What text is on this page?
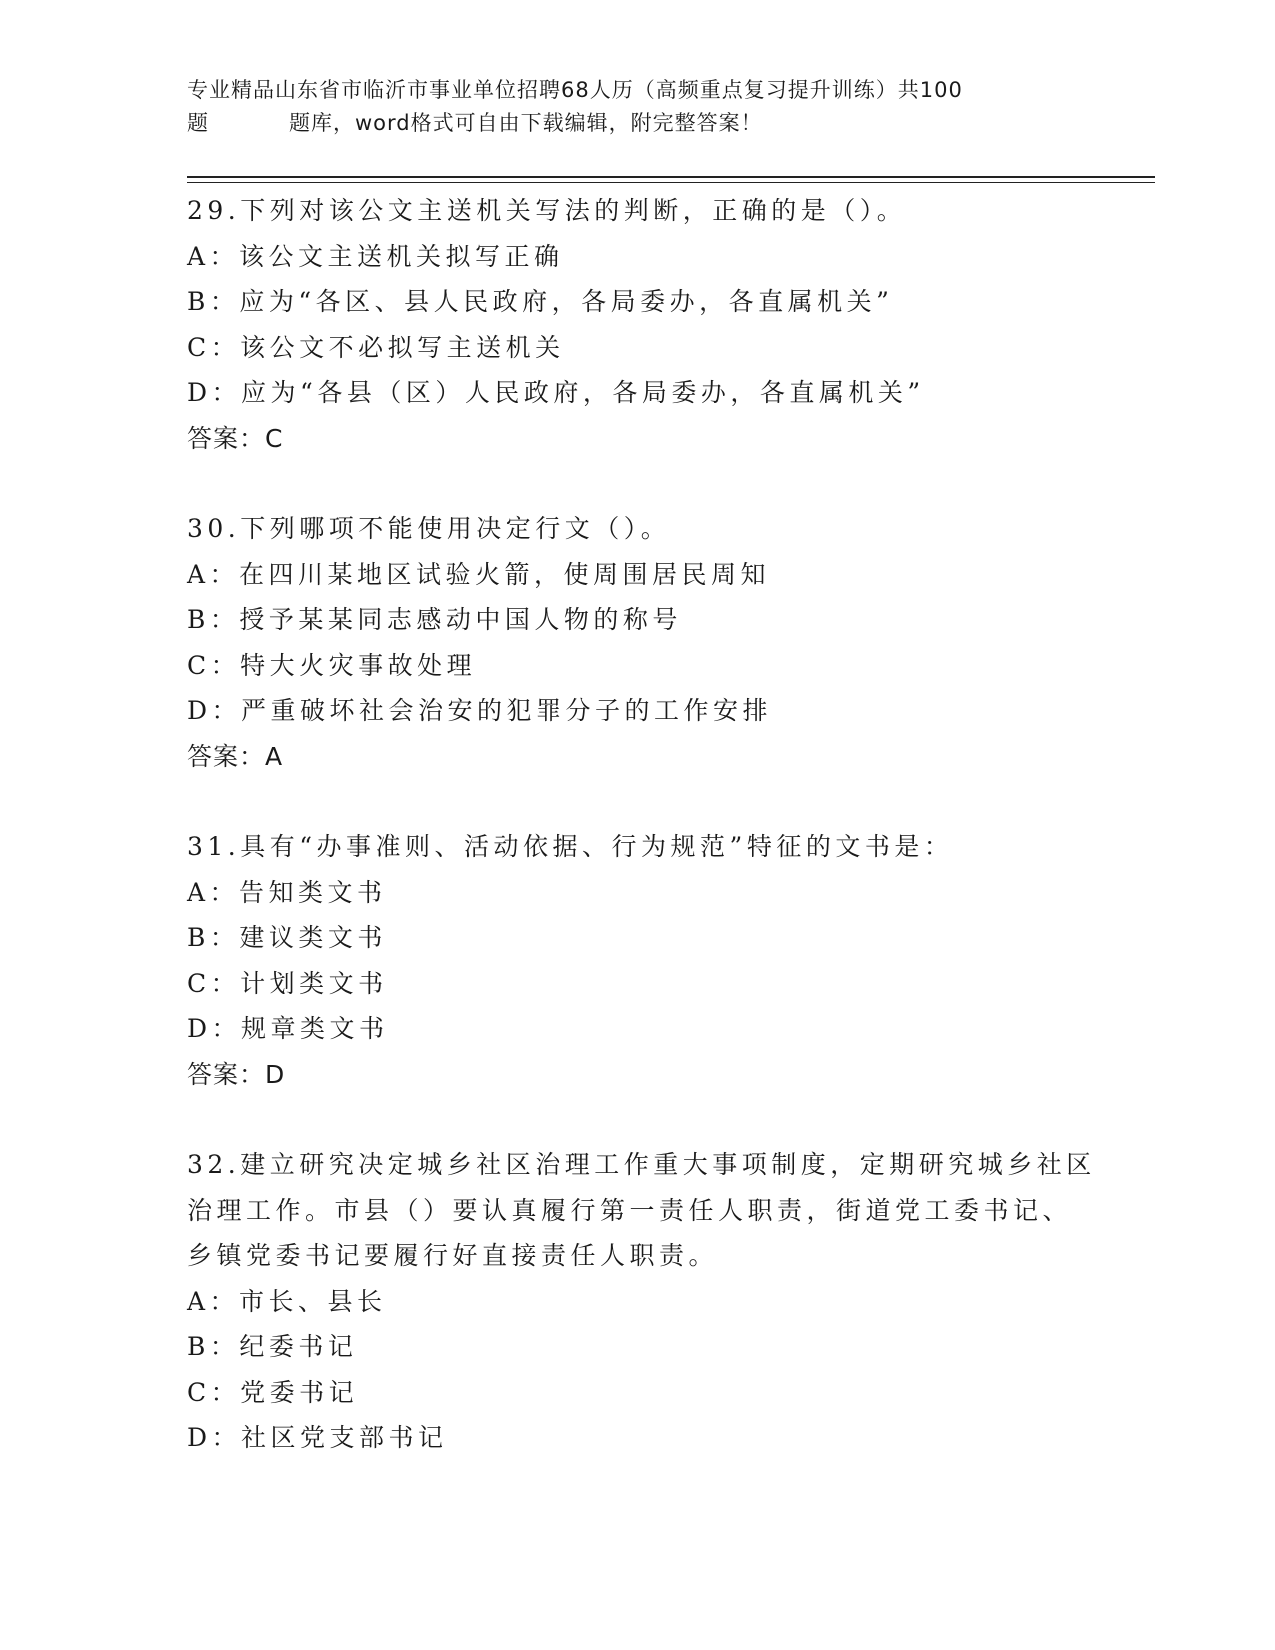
专业精品山东省市临沂市事业单位招聘68人历（高频重点复习提升训练）共100
题	题库，word格式可自由下载编辑，附完整答案！

29.下列对该公文主送机关写法的判断，正确的是（）。

A：该公文主送机关拟写正确

B：应为“各区、县人民政府，各局委办，各直属机关”

C：该公文不必拟写主送机关

D：应为“各县（区）人民政府，各局委办，各直属机关”

答案：C

30.下列哪项不能使用决定行文（）。

A：在四川某地区试验火箭，使周围居民周知

B：授予某某同志感动中国人物的称号

C：特大火灾事故处理

D：严重破坏社会治安的犯罪分子的工作安排

答案：A

31.具有“办事准则、活动依据、行为规范”特征的文书是：

A：告知类文书

B：建议类文书

C：计划类文书

D：规章类文书

答案：D

32.建立研究决定城乡社区治理工作重大事项制度，定期研究城乡社区

治理工作。市县（）要认真履行第一责任人职责，街道党工委书记、

乡镇党委书记要履行好直接责任人职责。

A：市长、县长

B：纪委书记

C：党委书记

D：社区党支部书记
